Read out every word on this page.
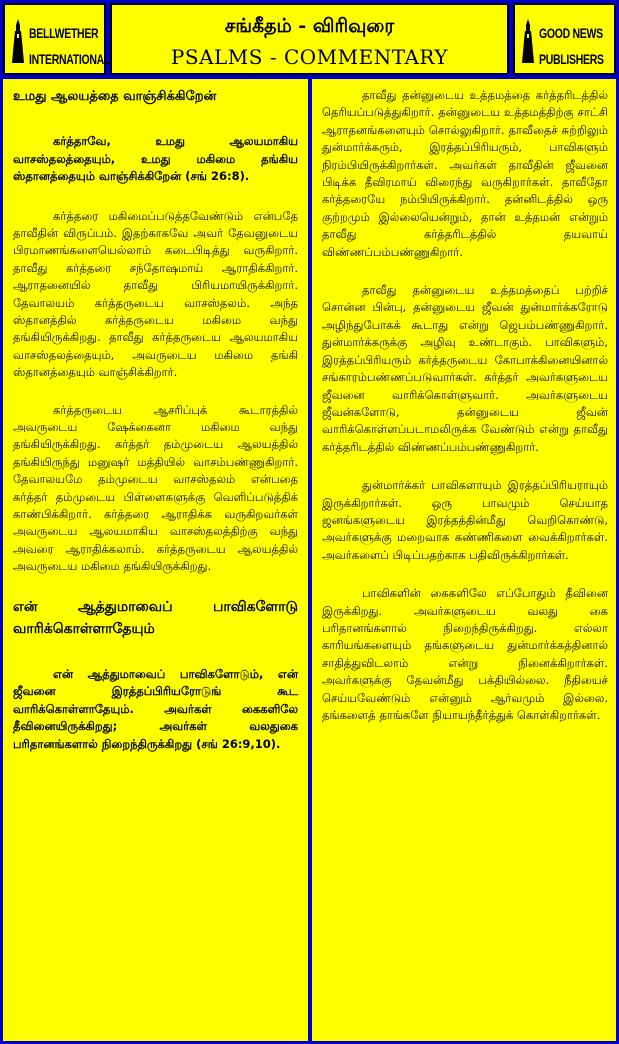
BELLWETHER
INTERNATIONAL
சங்கீதம் - விரிவுரை
PSALMS - COMMENTARY
GOOD NEWS
PUBLISHERS

உமது ஆலயத்தை வாஞ்சிக்கிறேன்

கர்த்தாவே, உமது ஆலயமாகிய வாசஸ்தலத்தையும், உமது மகிமை தங்கிய ஸ்தானத்தையும் வாஞ்சிக்கிறேன் (சங் 26:8).

கர்த்தரை மகிமைப்படுத்தவேண்டும் என்பதே தாவீதின் விருப்பம். இதற்காகவே அவர் தேவனுடைய பிரமாணங்களையெல்லாம் கடைபிடித்து வருகிறார். தாவீது கர்த்தரை சந்தோஷமாய் ஆராதிக்கிறார். ஆராதனையில் தாவீது பிரியமாயிருக்கிறார். தேவாலயம் கர்த்தருடைய வாசஸ்தலம். அந்த ஸ்தானத்தில் கர்த்தருடைய மகிமை வந்து தங்கியிருக்கிறது. தாவீது கர்த்தருடைய ஆலயமாகிய வாசஸ்தலத்தையும், அவருடைய மகிமை தங்கி ஸ்தானத்தையும் வாஞ்சிக்கிறார்.

கர்த்தருடைய ஆசரிப்புக் கூடாரத்தில் அவருடைய ஷேக்கைனா மகிமை வந்து தங்கியிருக்கிறது. கர்த்தர் தம்முடைய ஆலயத்தில் தங்கியிருந்து மனுஷர் மத்தியில் வாசம்பண்ணுகிறார். தேவாலயமே தம்முடைய வாசஸ்தலம் என்பதை கர்த்தர் தம்முடைய பிள்ளைகளுக்கு வெளிப்படுத்திக் காண்பிக்கிறார். கர்த்தரை ஆராதிக்க வருகிறவர்கள் அவருடைய ஆலயமாகிய வாசஸ்தலத்திற்கு வந்து அவரை ஆராதிக்கலாம். கர்த்தருடைய ஆலயத்தில் அவருடைய மகிமை தங்கியிருக்கிறது.

என் ஆத்துமாவைப் பாவிகளோடு வாரிக்கொள்ளாதேயும்

என் ஆத்துமாவைப் பாவிகளோடும், என் ஜீவனை இரத்தப்பிரியரோடுங் கூட வாரிக்கொள்ளாதேயும். அவர்கள் கைகளிலே தீவினையிருக்கிறது; அவர்கள் வலதுகை பரிதானங்களால் நிறைந்திருக்கிறது (சங் 26:9,10).

தாவீது தன்னுடைய உத்தமத்தை கர்த்தரிடத்தில் தெரியப்படுத்துகிறார். தன்னுடைய உத்தமத்திற்கு சாட்சி ஆராதனங்களையும் சொல்லுகிறார். தாவீதைச் சுற்றிலும் துன்மார்க்கரும், இரத்தப்பிரியரும், பாவிகளும் நிரம்பியிருக்கிறார்கள். அவர்கள் தாவீதின் ஜீவனை பிடிக்க தீவிரமாய் விரைந்து வருகிறார்கள். தாவீதோ கர்த்தரையே நம்பியிருக்கிறார். தன்னிடத்தில் ஒரு குற்றமும் இல்லையென்றும், தான் உத்தமன் என்றும் தாவீது கர்த்தரிடத்தில் தயவாய் விண்ணப்பம்பண்ணுகிறார்.

தாவீது தன்னுடைய உத்தமத்தைப் பற்றிச் சொன்ன பின்பு, தன்னுடைய ஜீவன் துன்மார்க்கரோடு அழிந்துபோகக் கூடாது என்று ஜெபம்பண்ணுகிறார். துன்மார்க்கருக்கு அழிவு உண்டாகும். பாவிகளும், இரத்தப்பிரியரும் கர்த்தருடைய கோபாக்கினையினால் சங்காரம்பண்ணப்படுவார்கள். கர்த்தர் அவர்களுடைய ஜீவனை வாரிக்கொள்ளுவார். அவர்களுடைய ஜீவன்களோடு, தன்னுடைய ஜீவன் வாரிக்கொள்ளப்படாமலிருக்க வேண்டும் என்று தாவீது கர்த்தரிடத்தில் விண்ணப்பம்பண்ணுகிறார்.

துன்மார்க்கர் பாவிகளாயும் இரத்தப்பிரியராயும் இருக்கிறார்கள். ஒரு பாவமும் செய்யாத ஜனங்களுடைய இரத்தத்தின்மீது வெறிகொண்டு, அவர்களுக்கு மறைவாக கண்ணிகளை வைக்கிறார்கள். அவர்களைப் பிடிப்பதற்காக பதிவிருக்கிறார்கள்.

பாவிகளின் கைகளிலே எப்போதும் தீவினை இருக்கிறது. அவர்களுடைய வலது கை பரிதானங்களால் நிறைந்திருக்கிறது. எல்லா காரியங்களையும் தங்களுடைய துன்மார்க்கத்தினால் சாதித்துவிடலாம் என்று நினைக்கிறார்கள். அவர்களுக்கு தேவன்மீது பக்தியில்லை. நீதியைச் செய்யவேண்டும் என்னும் ஆர்வமும் இல்லை. தங்களைத் தாங்களே நியாயந்தீர்த்துக் கொள்கிறார்கள்.
